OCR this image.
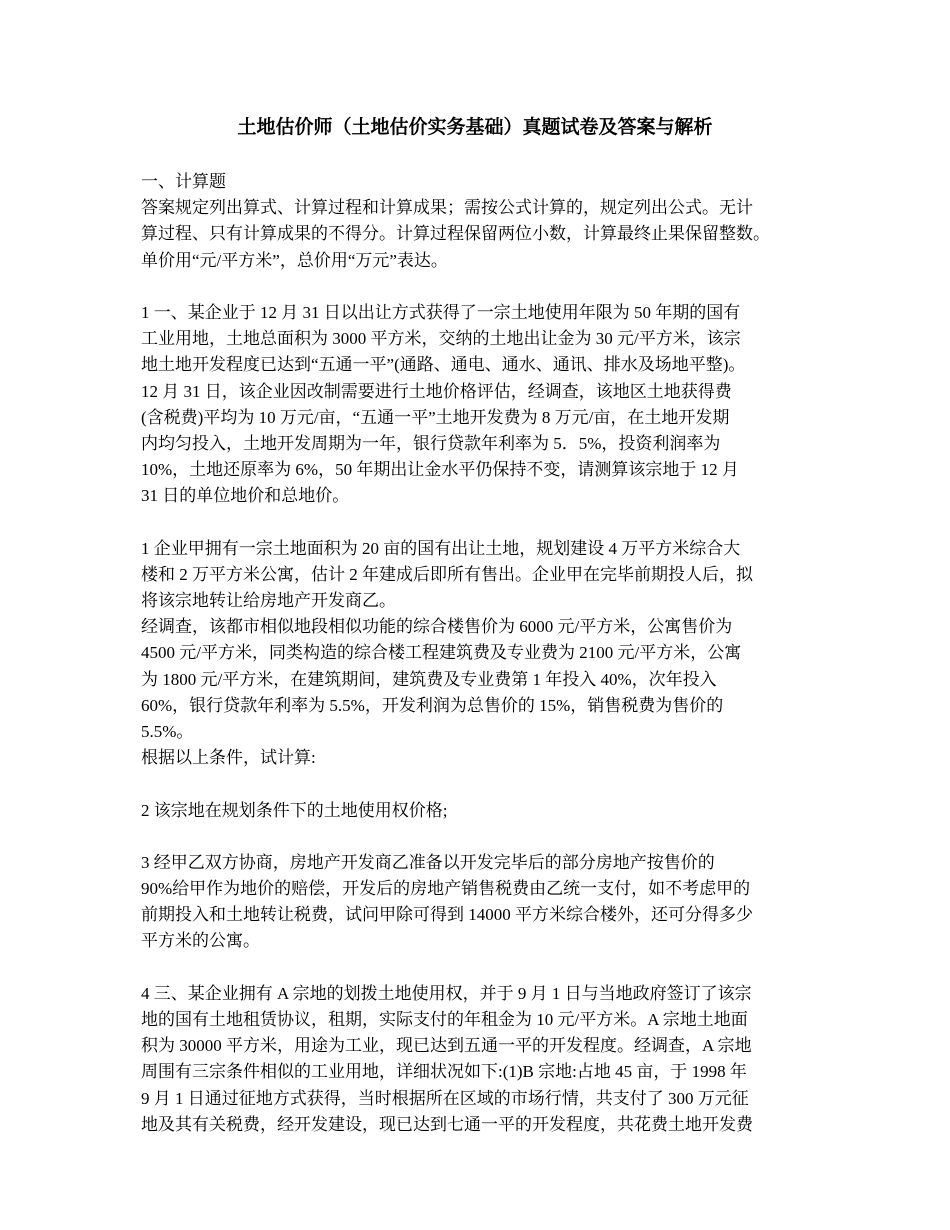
土地估价师（土地估价实务基础）真题试卷及答案与解析
一、计算题
答案规定列出算式、计算过程和计算成果；需按公式计算的，规定列出公式。无计
算过程、只有计算成果的不得分。计算过程保留两位小数，计算最终止果保留整数。
单价用“元/平方米”，总价用“万元”表达。
1 一、某企业于 12 月 31 日以出让方式获得了一宗土地使用年限为 50 年期的国有
工业用地，土地总面积为 3000 平方米，交纳的土地出让金为 30 元/平方米，该宗
地土地开发程度已达到“五通一平”(通路、通电、通水、通讯、排水及场地平整)。
12 月 31 日，该企业因改制需要进行土地价格评估，经调查，该地区土地获得费
(含税费)平均为 10 万元/亩，“五通一平”土地开发费为 8 万元/亩，在土地开发期
内均匀投入，土地开发周期为一年，银行贷款年利率为 5．5%，投资利润率为
10%，土地还原率为 6%，50 年期出让金水平仍保持不变，请测算该宗地于 12 月
31 日的单位地价和总地价。
1 企业甲拥有一宗土地面积为 20 亩的国有出让土地，规划建设 4 万平方米综合大
楼和 2 万平方米公寓，估计 2 年建成后即所有售出。企业甲在完毕前期投人后，拟
将该宗地转让给房地产开发商乙。
经调查，该都市相似地段相似功能的综合楼售价为 6000 元/平方米，公寓售价为
4500 元/平方米，同类构造的综合楼工程建筑费及专业费为 2100 元/平方米，公寓
为 1800 元/平方米，在建筑期间，建筑费及专业费第 1 年投入 40%，次年投入
60%，银行贷款年利率为 5.5%，开发利润为总售价的 15%，销售税费为售价的
5.5%。
根据以上条件，试计算:
2 该宗地在规划条件下的土地使用权价格;
3 经甲乙双方协商，房地产开发商乙准备以开发完毕后的部分房地产按售价的
90%给甲作为地价的赔偿，开发后的房地产销售税费由乙统一支付，如不考虑甲的
前期投入和土地转让税费，试问甲除可得到 14000 平方米综合楼外，还可分得多少
平方米的公寓。
4 三、某企业拥有 A 宗地的划拨土地使用权，并于 9 月 1 日与当地政府签订了该宗
地的国有土地租赁协议，租期，实际支付的年租金为 10 元/平方米。A 宗地土地面
积为 30000 平方米，用途为工业，现已达到五通一平的开发程度。经调查，A 宗地
周围有三宗条件相似的工业用地，详细状况如下:(1)B 宗地:占地 45 亩，于 1998 年
9 月 1 日通过征地方式获得，当时根据所在区域的市场行情，共支付了 300 万元征
地及其有关税费，经开发建设，现已达到七通一平的开发程度，共花费土地开发费
